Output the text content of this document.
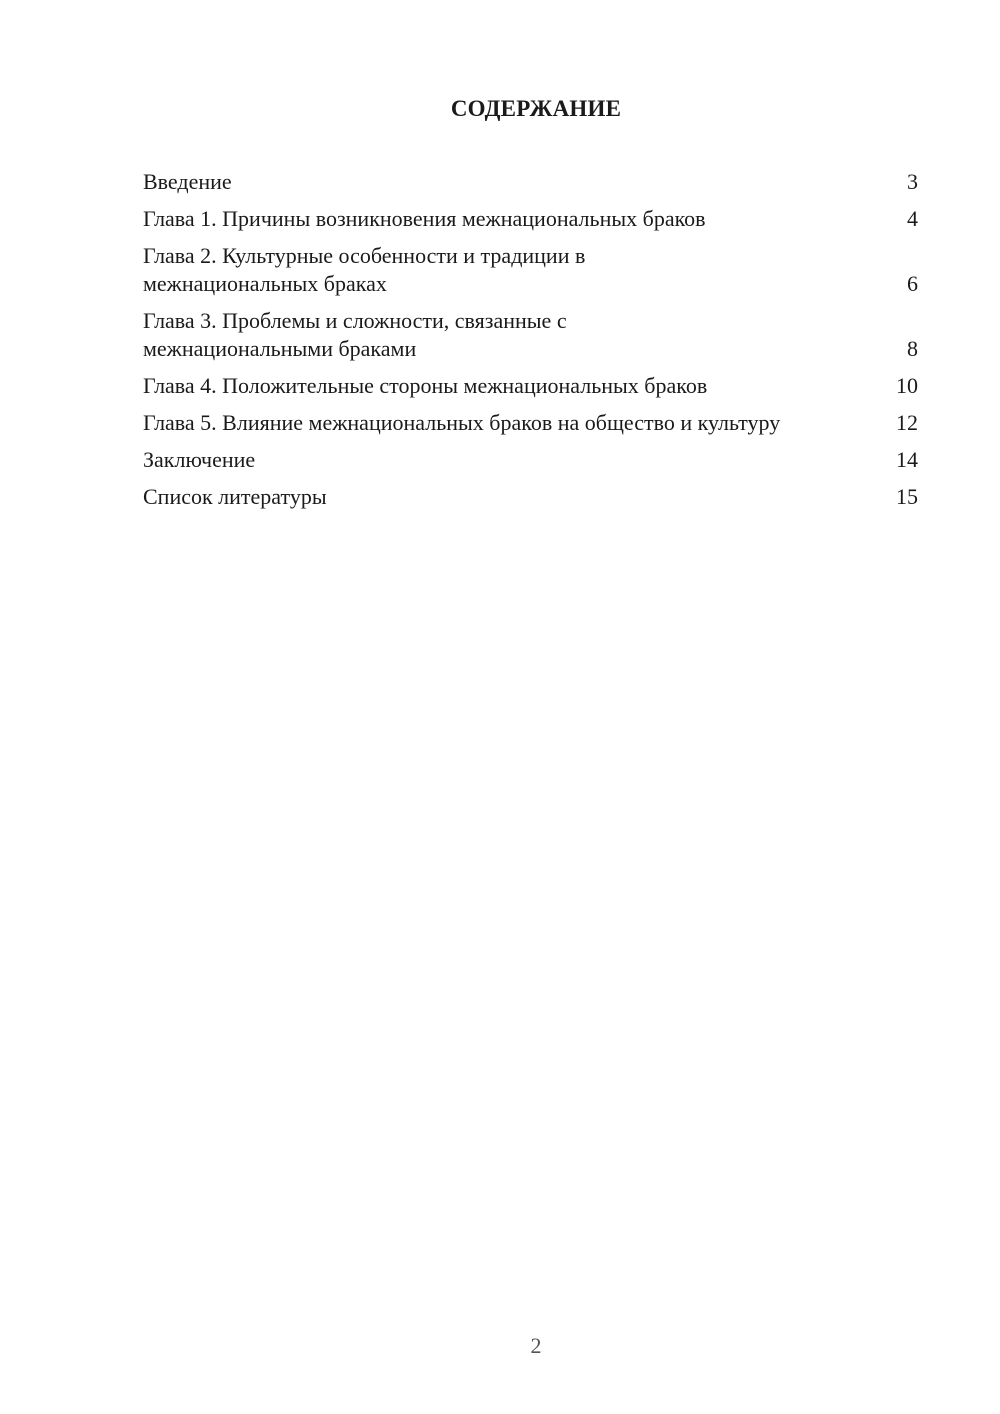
СОДЕРЖАНИЕ
Введение	3
Глава 1. Причины возникновения межнациональных браков	4
Глава 2. Культурные особенности и традиции в межнациональных браках	6
Глава 3. Проблемы и сложности, связанные с межнациональными браками	8
Глава 4. Положительные стороны межнациональных браков	10
Глава 5. Влияние межнациональных браков на общество и культуру	12
Заключение	14
Список литературы	15
2
